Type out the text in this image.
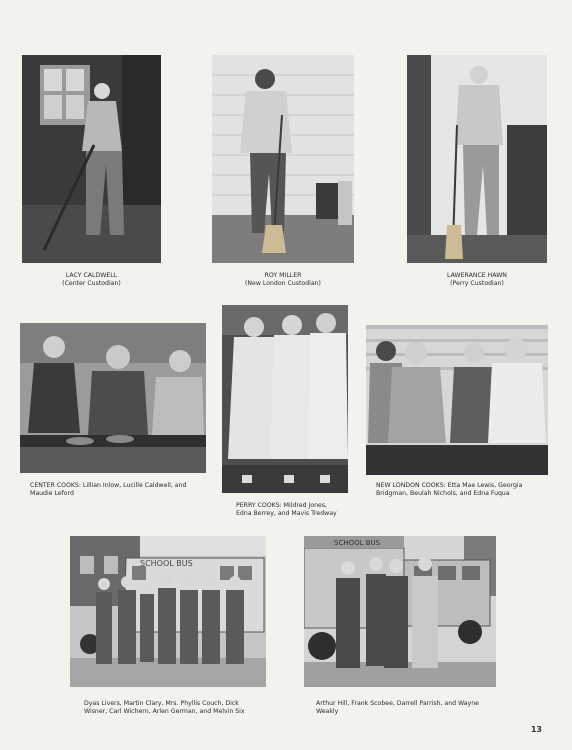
LACY CALDWELL
(Center Custodian)
ROY MILLER
(New London Custodian)
LAWERANCE HAWN
(Perry Custodian)
CENTER COOKS: Lillian Inlow, Lucille Caldwell, and
Maudie Leford
PERRY COOKS: Mildred Jones,
Edna Berrey, and Mavis Tredway
NEW LONDON COOKS: Etta Mae Lewis, Georgia
Bridgman, Beulah Nichols, and Edna Fuqua
SCHOOL BUS
Dyas Livers, Martin Clary, Mrs. Phyllis Couch, Dick
Wisner, Carl Wichern, Arlen German, and Melvin Six
SCHOOL BUS
Arthur Hill, Frank Scobee, Darrell Parrish, and Wayne
Weakly
13
